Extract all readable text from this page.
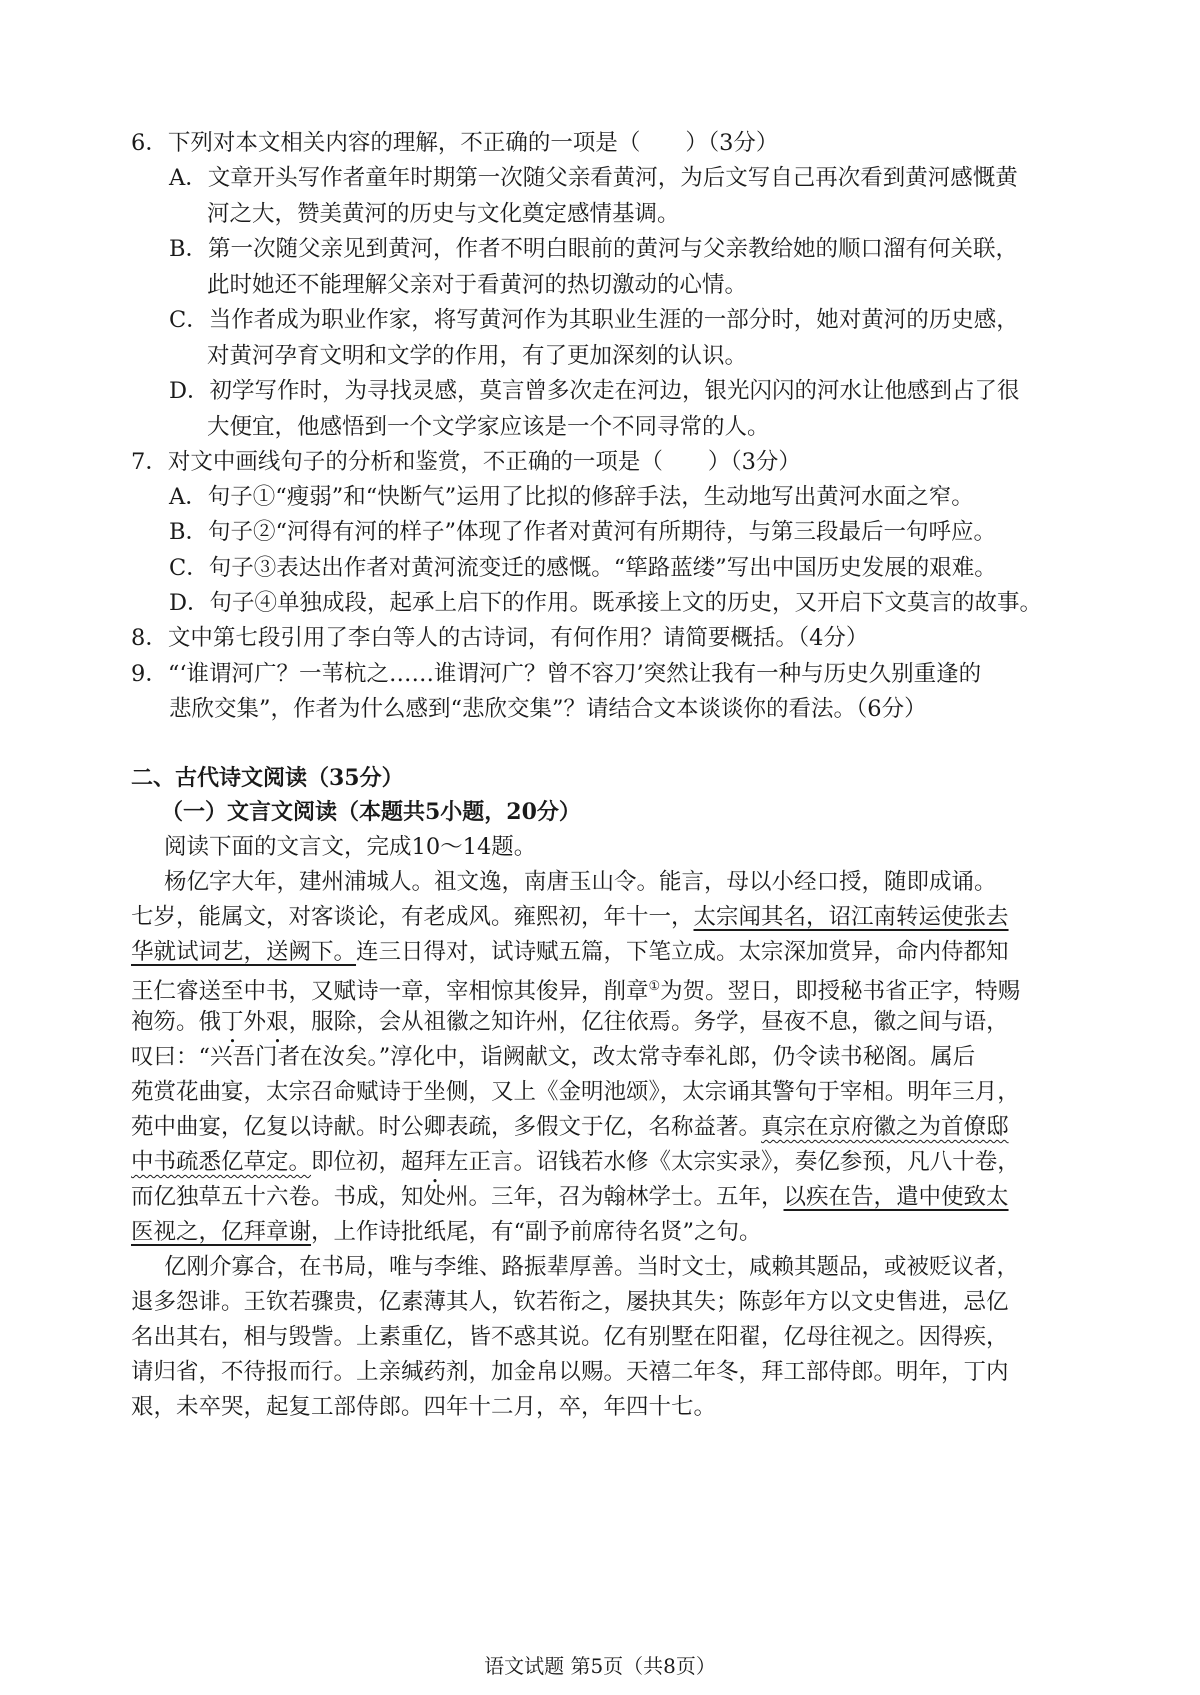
6．下列对本文相关内容的理解，不正确的一项是（　　）（3分）
A．文章开头写作者童年时期第一次随父亲看黄河，为后文写自己再次看到黄河感慨黄
河之大，赞美黄河的历史与文化奠定感情基调。
B．第一次随父亲见到黄河，作者不明白眼前的黄河与父亲教给她的顺口溜有何关联，
此时她还不能理解父亲对于看黄河的热切激动的心情。
C．当作者成为职业作家，将写黄河作为其职业生涯的一部分时，她对黄河的历史感，
对黄河孕育文明和文学的作用，有了更加深刻的认识。
D．初学写作时，为寻找灵感，莫言曾多次走在河边，银光闪闪的河水让他感到占了很
大便宜，他感悟到一个文学家应该是一个不同寻常的人。
7．对文中画线句子的分析和鉴赏，不正确的一项是（　　）（3分）
A．句子①“瘦弱”和“快断气”运用了比拟的修辞手法，生动地写出黄河水面之窄。
B．句子②“河得有河的样子”体现了作者对黄河有所期待，与第三段最后一句呼应。
C．句子③表达出作者对黄河流变迁的感慨。“筚路蓝缕”写出中国历史发展的艰难。
D．句子④单独成段，起承上启下的作用。既承接上文的历史，又开启下文莫言的故事。
8．文中第七段引用了李白等人的古诗词，有何作用？请简要概括。（4分）
9．“‘谁谓河广？一苇杭之……谁谓河广？曾不容刀’突然让我有一种与历史久别重逢的
悲欣交集”，作者为什么感到“悲欣交集”？请结合文本谈谈你的看法。（6分）
二、古代诗文阅读（35分）
（一）文言文阅读（本题共5小题，20分）
阅读下面的文言文，完成10～14题。
杨亿字大年，建州浦城人。祖文逸，南唐玉山令。能言，母以小经口授，随即成诵。
七岁，能属文，对客谈论，有老成风。雍熙初，年十一，太宗闻其名，诏江南转运使张去
华就试词艺，送阙下。连三日得对，试诗赋五篇，下笔立成。太宗深加赏异，命内侍都知
王仁睿送至中书，又赋诗一章，宰相惊其俊异，削章①为贺。翌日，即授秘书省正字，特赐
袍笏。俄丁外艰，服除，会从祖徽之知许州，亿往依焉。务学，昼夜不息，徽之间与语，
叹曰：“兴吾门者在汝矣。”淳化中，诣阙献文，改太常寺奉礼郎，仍令读书秘阁。属后
苑赏花曲宴，太宗召命赋诗于坐侧，又上《金明池颂》，太宗诵其警句于宰相。明年三月，
苑中曲宴，亿复以诗献。时公卿表疏，多假文于亿，名称益著。真宗在京府徽之为首僚邸
中书疏悉亿草定。即位初，超拜左正言。诏钱若水修《太宗实录》，奏亿参预，凡八十卷，
而亿独草五十六卷。书成，知处州。三年，召为翰林学士。五年，以疾在告，遣中使致太
医视之，亿拜章谢，上作诗批纸尾，有“副予前席待名贤”之句。
亿刚介寡合，在书局，唯与李维、路振辈厚善。当时文士，咸赖其题品，或被贬议者，
退多怨诽。王钦若骤贵，亿素薄其人，钦若衔之，屡抉其失；陈彭年方以文史售进，忌亿
名出其右，相与毁訾。上素重亿，皆不惑其说。亿有别墅在阳翟，亿母往视之。因得疾，
请归省，不待报而行。上亲缄药剂，加金帛以赐。天禧二年冬，拜工部侍郎。明年，丁内
艰，未卒哭，起复工部侍郎。四年十二月，卒，年四十七。
语文试题 第5页（共8页）
